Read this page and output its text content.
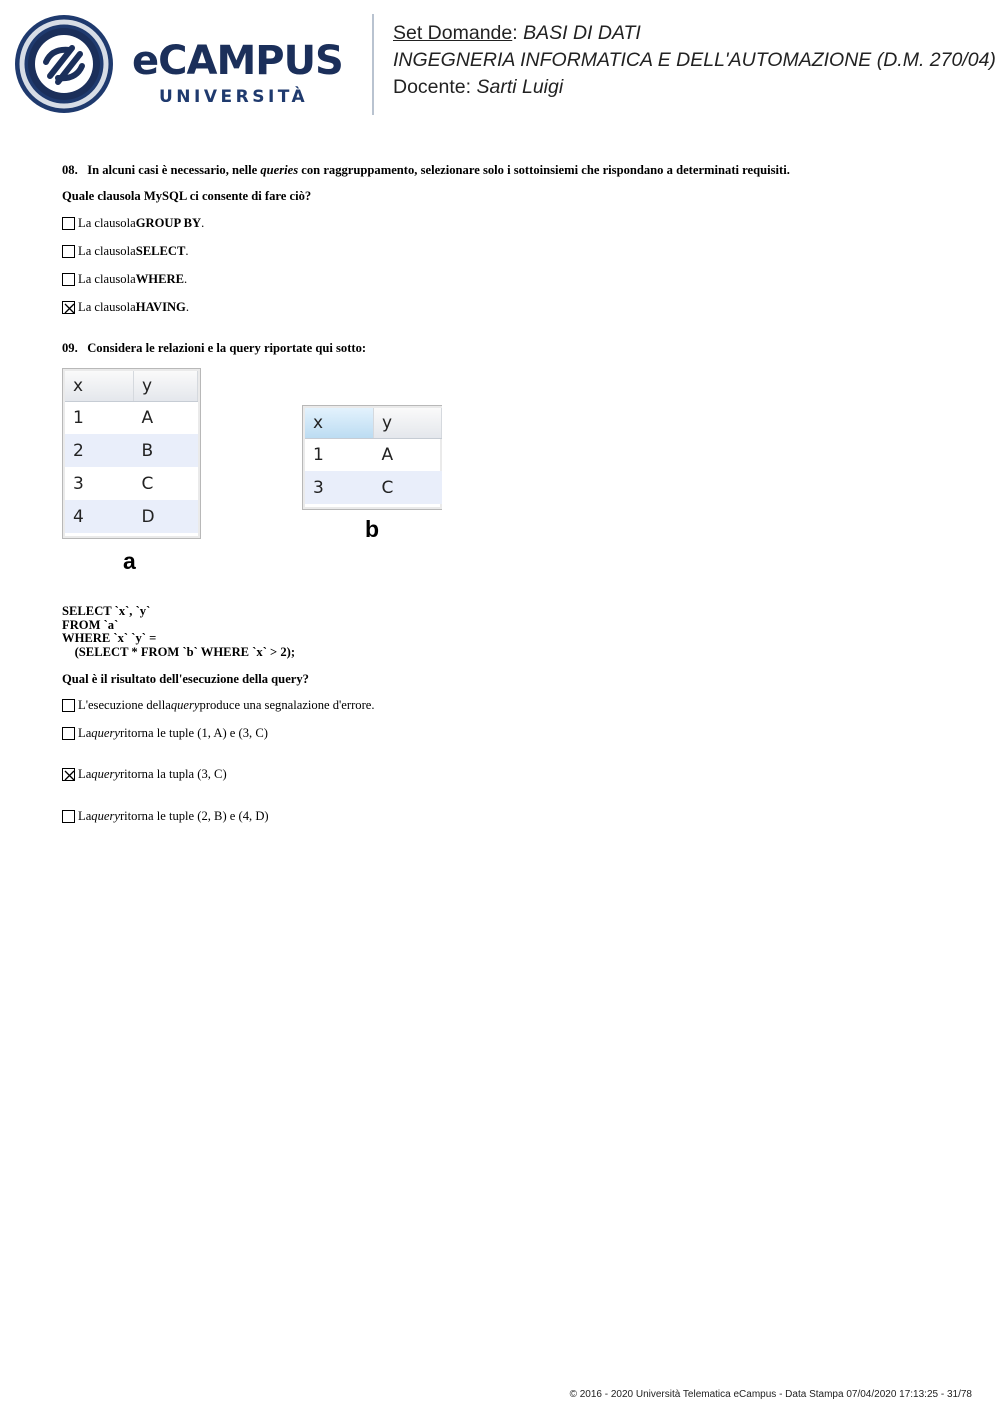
eCAMPUS
UNIVERSITÀ
Set Domande: BASI DI DATI
INGEGNERIA INFORMATICA E DELL'AUTOMAZIONE (D.M. 270/04)
Docente: Sarti Luigi
08. In alcuni casi è necessario, nelle queries con raggruppamento, selezionare solo i sottoinsiemi che rispondano a determinati requisiti.
Quale clausola MySQL ci consente di fare ciò?
La clausola GROUP BY .
La clausola SELECT .
La clausola WHERE .
La clausola HAVING .
09. Considera le relazioni e la query riportate qui sotto:
x	y
1	A
2	B
3	C
4	D
a
x	y
1	A
3	C
b
SELECT `x`, `y`
FROM `a`
WHERE `x` `y` =
(SELECT * FROM `b` WHERE `x` > 2);
Qual è il risultato dell'esecuzione della query?
L'esecuzione della query produce una segnalazione d'errore.
La query ritorna le tuple (1, A) e (3, C)
La query ritorna la tupla (3, C)
La query ritorna le tuple (2, B) e (4, D)
© 2016 - 2020 Università Telematica eCampus - Data Stampa 07/04/2020 17:13:25 - 31/78
